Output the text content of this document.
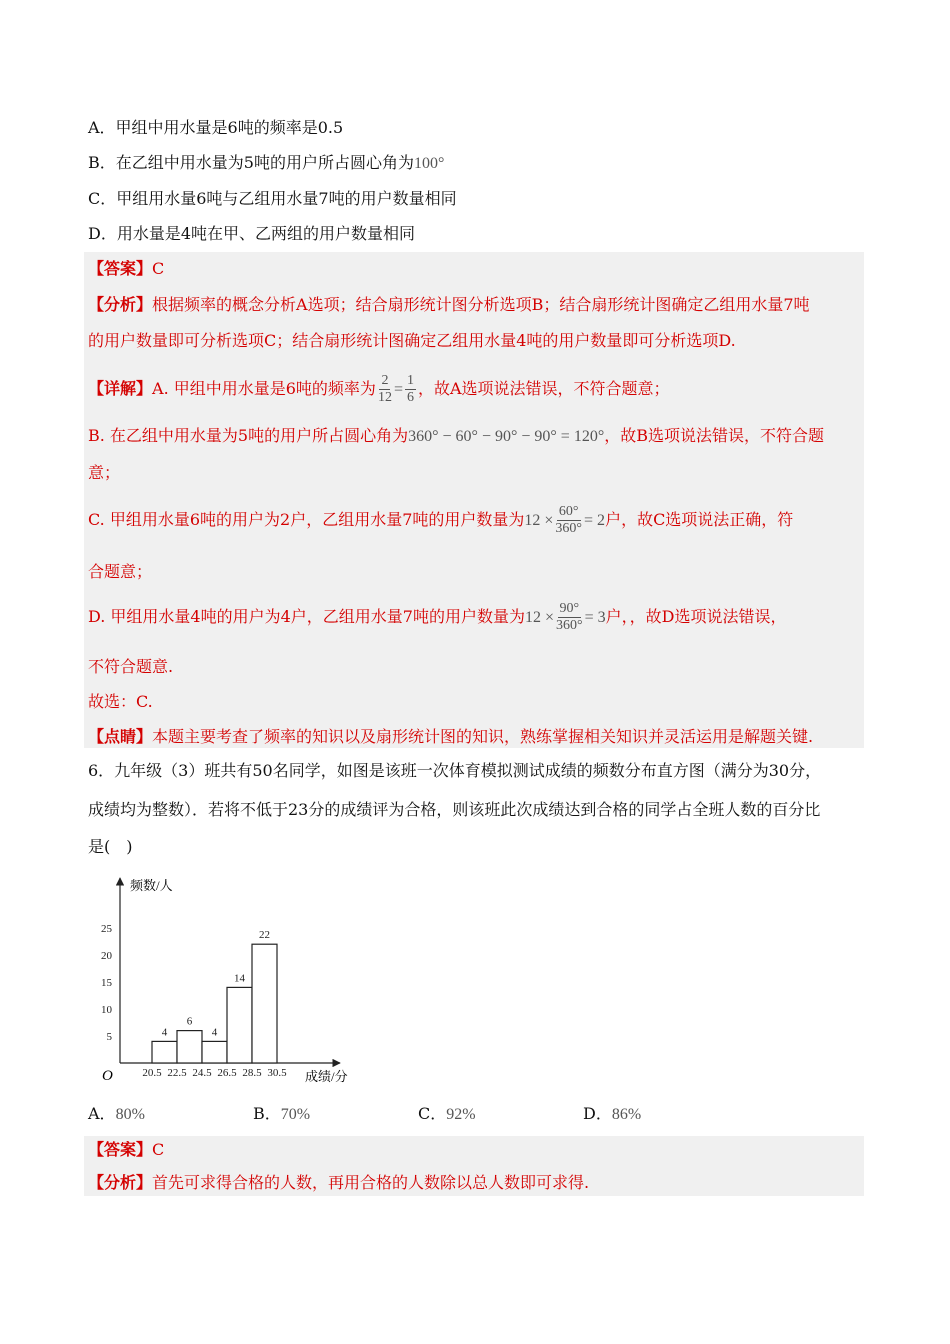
A．甲组中用水量是6吨的频率是0.5
B．在乙组中用水量为5吨的用户所占圆心角为100°
C．甲组用水量6吨与乙组用水量7吨的用户数量相同
D．用水量是4吨在甲、乙两组的用户数量相同
【答案】C
【分析】根据频率的概念分析A选项；结合扇形统计图分析选项B；结合扇形统计图确定乙组用水量7吨
的用户数量即可分析选项C；结合扇形统计图确定乙组用水量4吨的用户数量即可分析选项D.
【详解】A. 甲组中用水量是6吨的频率为 $\frac{2}{12} = \frac{1}{6}$ ，故A选项说法错误，不符合题意；
B. 在乙组中用水量为5吨的用户所占圆心角为360° − 60° − 90° − 90° = 120°，故B选项说法错误，不符合题
意；
C. 甲组用水量6吨的用户为2户，乙组用水量7吨的用户数量为$12 \times \frac{60^\circ}{360^\circ} = 2$户，故C选项说法正确，符
合题意；
D. 甲组用水量4吨的用户为4户，乙组用水量7吨的用户数量为$12 \times \frac{90^\circ}{360^\circ} = 3$户，，故D选项说法错误，
不符合题意.
故选：C.
【点睛】本题主要考查了频率的知识以及扇形统计图的知识，熟练掌握相关知识并灵活运用是解题关键.
6．九年级（3）班共有50名同学，如图是该班一次体育模拟测试成绩的频数分布直方图（满分为30分，
成绩均为整数）．若将不低于23分的成绩评为合格，则该班此次成绩达到合格的同学占全班人数的百分比
是(　)
频数/人
成绩/分
O
5
10
15
20
25
4
6
4
14
22
20.5 22.5 24.5 26.5 28.5 30.5
A．80%	B．70%	C．92%	D．86%
【答案】C
【分析】首先可求得合格的人数，再用合格的人数除以总人数即可求得.
